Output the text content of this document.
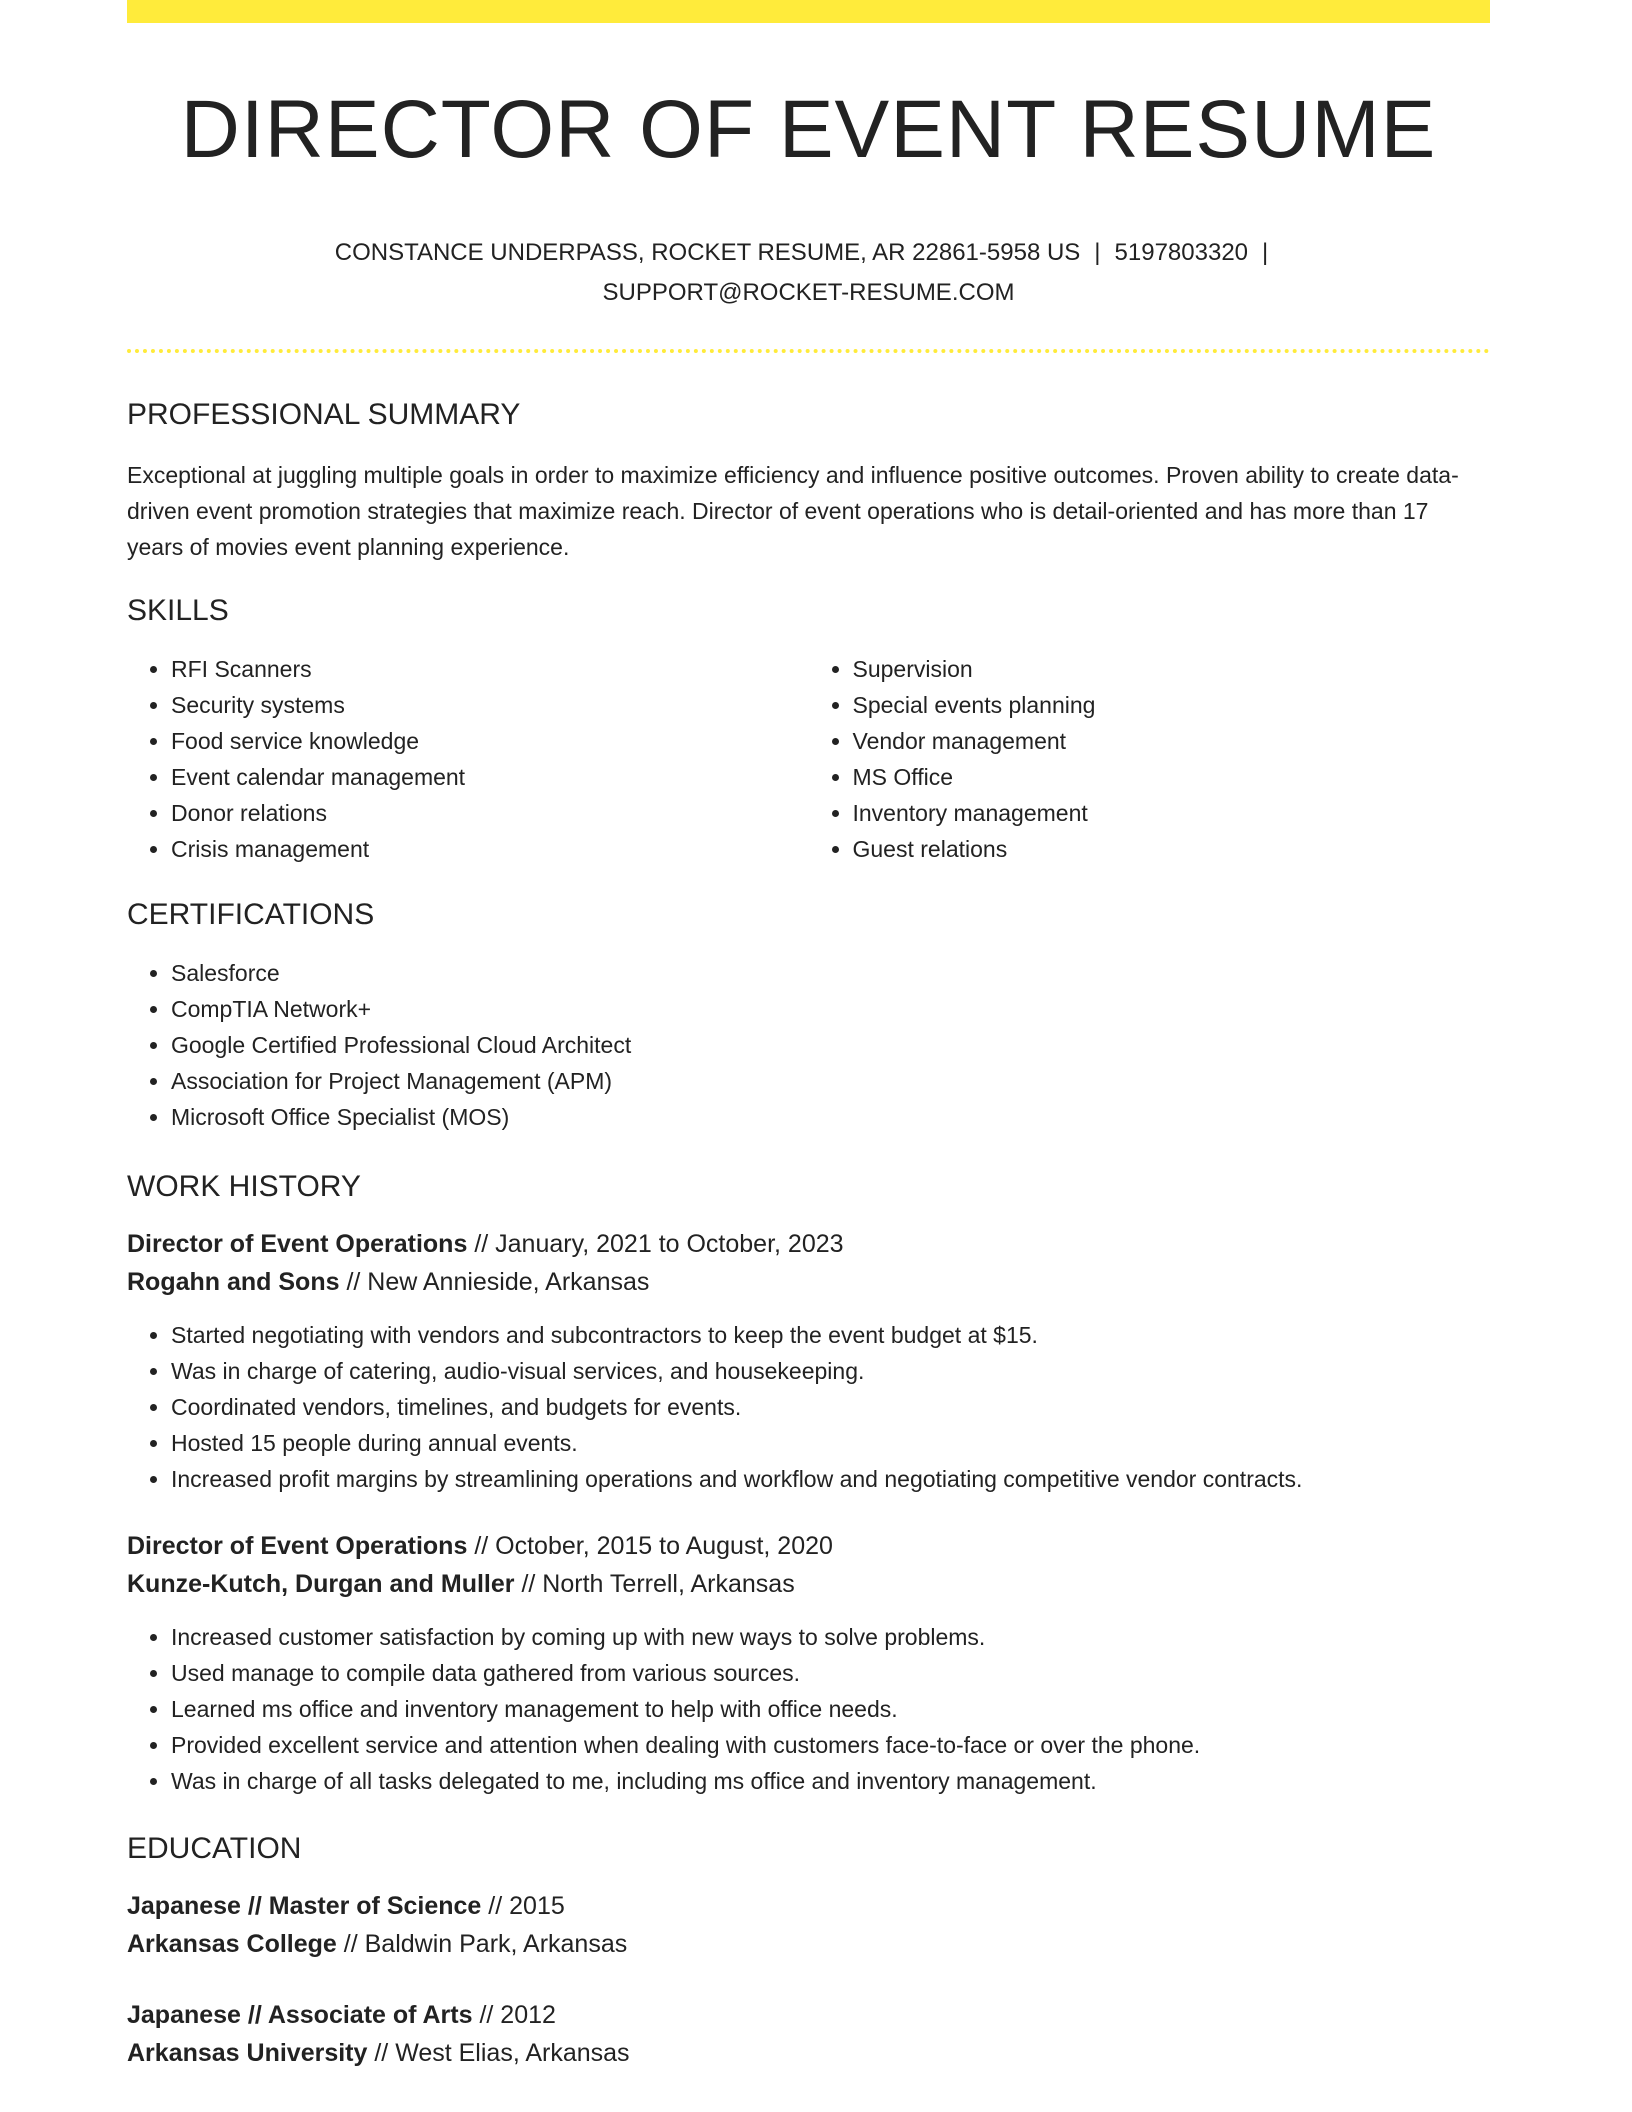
DIRECTOR OF EVENT RESUME
CONSTANCE UNDERPASS, ROCKET RESUME, AR 22861-5958 US | 5197803320 |
SUPPORT@ROCKET-RESUME.COM
PROFESSIONAL SUMMARY

Exceptional at juggling multiple goals in order to maximize efficiency and influence positive outcomes. Proven ability to create data-driven event promotion strategies that maximize reach. Director of event operations who is detail-oriented and has more than 17 years of movies event planning experience.

SKILLS
• RFI Scanners
• Security systems
• Food service knowledge
• Event calendar management
• Donor relations
• Crisis management
• Supervision
• Special events planning
• Vendor management
• MS Office
• Inventory management
• Guest relations
CERTIFICATIONS
• Salesforce
• CompTIA Network+
• Google Certified Professional Cloud Architect
• Association for Project Management (APM)
• Microsoft Office Specialist (MOS)
WORK HISTORY
Director of Event Operations // January, 2021 to October, 2023
Rogahn and Sons // New Annieside, Arkansas
• Started negotiating with vendors and subcontractors to keep the event budget at $15.
• Was in charge of catering, audio-visual services, and housekeeping.
• Coordinated vendors, timelines, and budgets for events.
• Hosted 15 people during annual events.
• Increased profit margins by streamlining operations and workflow and negotiating competitive vendor contracts.
Director of Event Operations // October, 2015 to August, 2020
Kunze-Kutch, Durgan and Muller // North Terrell, Arkansas
• Increased customer satisfaction by coming up with new ways to solve problems.
• Used manage to compile data gathered from various sources.
• Learned ms office and inventory management to help with office needs.
• Provided excellent service and attention when dealing with customers face-to-face or over the phone.
• Was in charge of all tasks delegated to me, including ms office and inventory management.
EDUCATION
Japanese // Master of Science // 2015
Arkansas College // Baldwin Park, Arkansas
Japanese // Associate of Arts // 2012
Arkansas University // West Elias, Arkansas
